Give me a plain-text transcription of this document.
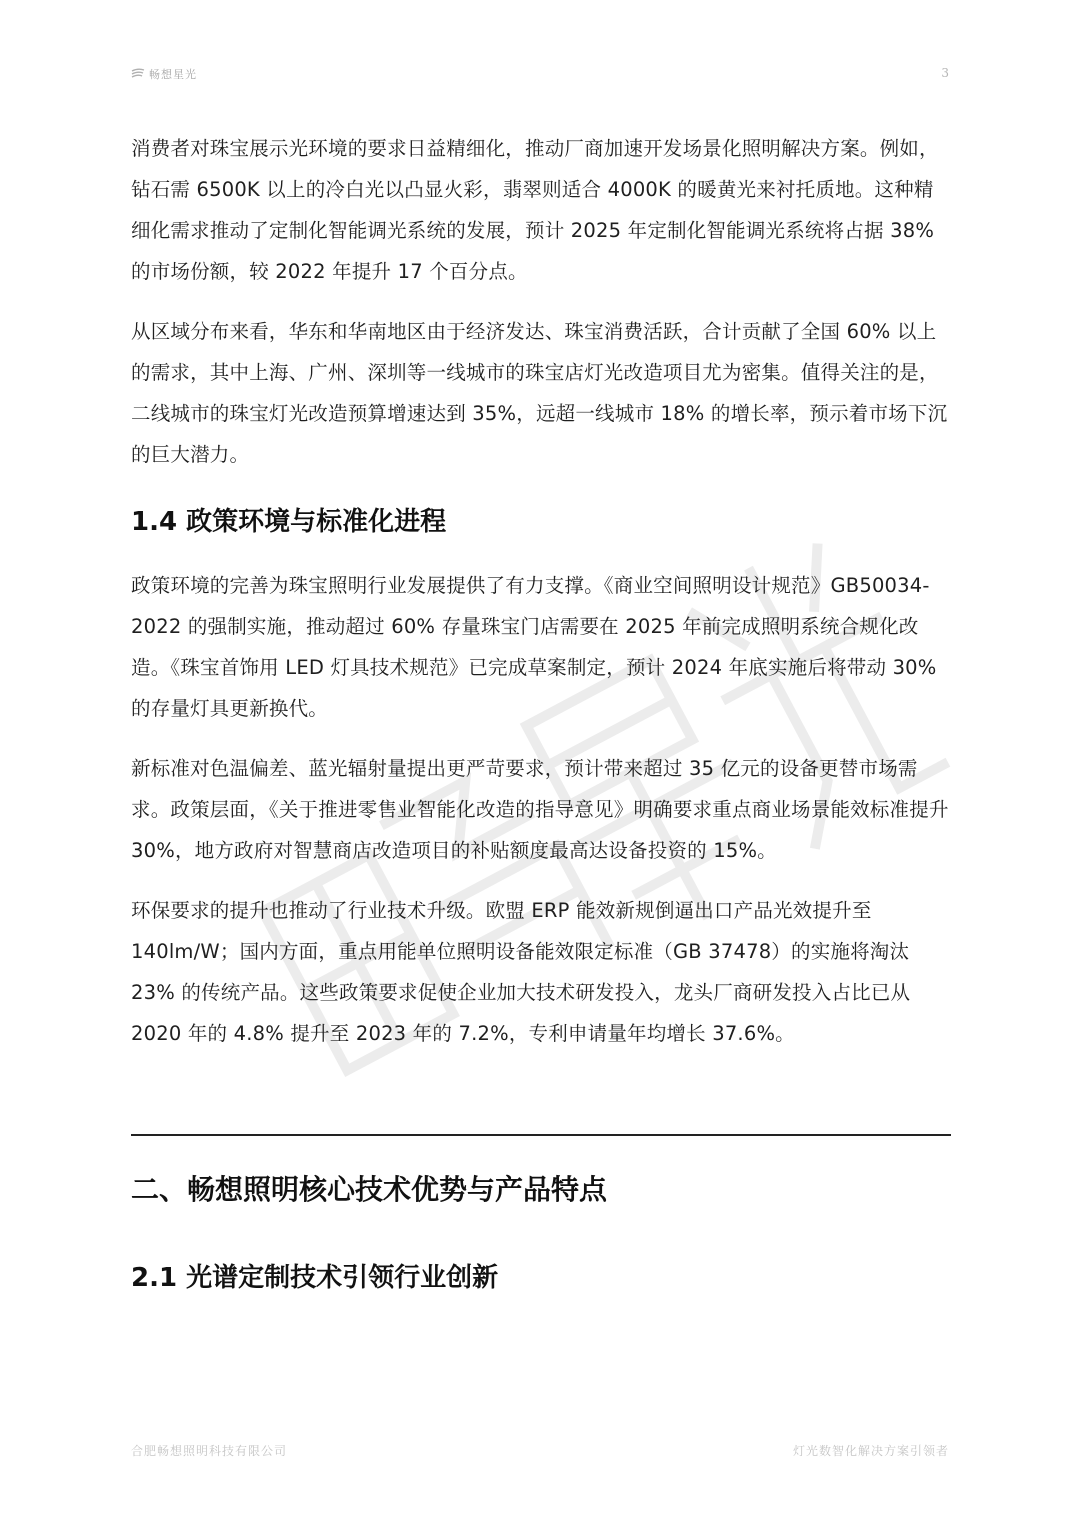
畅想星光	3

消费者对珠宝展示光环境的要求日益精细化，推动厂商加速开发场景化照明解决方案。例如，钻石需 6500K 以上的冷白光以凸显火彩，翡翠则适合 4000K 的暖黄光来衬托质地。这种精细化需求推动了定制化智能调光系统的发展，预计 2025 年定制化智能调光系统将占据 38% 的市场份额，较 2022 年提升 17 个百分点。

从区域分布来看，华东和华南地区由于经济发达、珠宝消费活跃，合计贡献了全国 60% 以上的需求，其中上海、广州、深圳等一线城市的珠宝店灯光改造项目尤为密集。值得关注的是，二线城市的珠宝灯光改造预算增速达到 35%，远超一线城市 18% 的增长率，预示着市场下沉的巨大潜力。

1.4 政策环境与标准化进程

政策环境的完善为珠宝照明行业发展提供了有力支撑。《商业空间照明设计规范》GB50034-2022 的强制实施，推动超过 60% 存量珠宝门店需要在 2025 年前完成照明系统合规化改造。《珠宝首饰用 LED 灯具技术规范》已完成草案制定，预计 2024 年底实施后将带动 30% 的存量灯具更新换代。

新标准对色温偏差、蓝光辐射量提出更严苛要求，预计带来超过 35 亿元的设备更替市场需求。政策层面，《关于推进零售业智能化改造的指导意见》明确要求重点商业场景能效标准提升 30%，地方政府对智慧商店改造项目的补贴额度最高达设备投资的 15%。

环保要求的提升也推动了行业技术升级。欧盟 ERP 能效新规倒逼出口产品光效提升至 140lm/W；国内方面，重点用能单位照明设备能效限定标准（GB 37478）的实施将淘汰 23% 的传统产品。这些政策要求促使企业加大技术研发投入，龙头厂商研发投入占比已从 2020 年的 4.8% 提升至 2023 年的 7.2%，专利申请量年均增长 37.6%。

二、畅想照明核心技术优势与产品特点
2.1 光谱定制技术引领行业创新
合肥畅想照明科技有限公司	灯光数智化解决方案引领者
